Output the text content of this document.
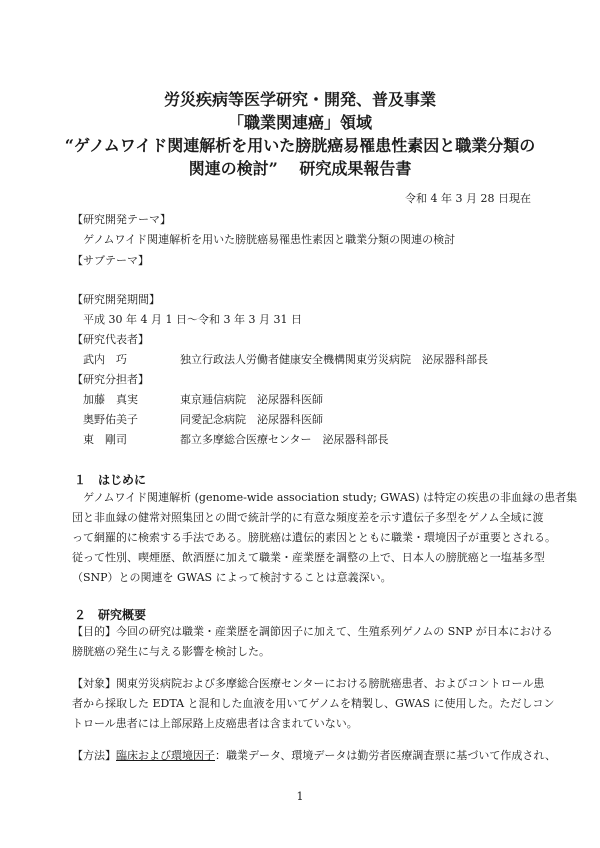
労災疾病等医学研究・開発、普及事業
「職業関連癌」領域
“ゲノムワイド関連解析を用いた膀胱癌易罹患性素因と職業分類の
関連の検討”　 研究成果報告書
令和 4 年 3 月 28 日現在
【研究開発テーマ】
ゲノムワイド関連解析を用いた膀胱癌易罹患性素因と職業分類の関連の検討
【サブテーマ】
【研究開発期間】
平成 30 年 4 月 1 日～令和 3 年 3 月 31 日
【研究代表者】
武内　巧	独立行政法人労働者健康安全機構関東労災病院　泌尿器科部長
【研究分担者】
加藤　真実	東京逓信病院　泌尿器科医師
奥野佑美子	同愛記念病院　泌尿器科医師
東　剛司	都立多摩総合医療センター　泌尿器科部長
１　はじめに
ゲノムワイド関連解析 (genome-wide association study; GWAS) は特定の疾患の非血縁の患者集
団と非血縁の健常対照集団との間で統計学的に有意な頻度差を示す遺伝子多型をゲノム全域に渡
って網羅的に検索する手法である。膀胱癌は遺伝的素因とともに職業・環境因子が重要とされる。
従って性別、喫煙歴、飲酒歴に加えて職業・産業歴を調整の上で、日本人の膀胱癌と一塩基多型
（SNP）との関連を GWAS によって検討することは意義深い。
２　研究概要
【目的】今回の研究は職業・産業歴を調節因子に加えて、生殖系列ゲノムの SNP が日本における
膀胱癌の発生に与える影響を検討した。
【対象】関東労災病院および多摩総合医療センターにおける膀胱癌患者、およびコントロール患
者から採取した EDTA と混和した血液を用いてゲノムを精製し、GWAS に使用した。ただしコン
トロール患者には上部尿路上皮癌患者は含まれていない。
【方法】臨床および環境因子：職業データ、環境データは勤労者医療調査票に基づいて作成され、
1
